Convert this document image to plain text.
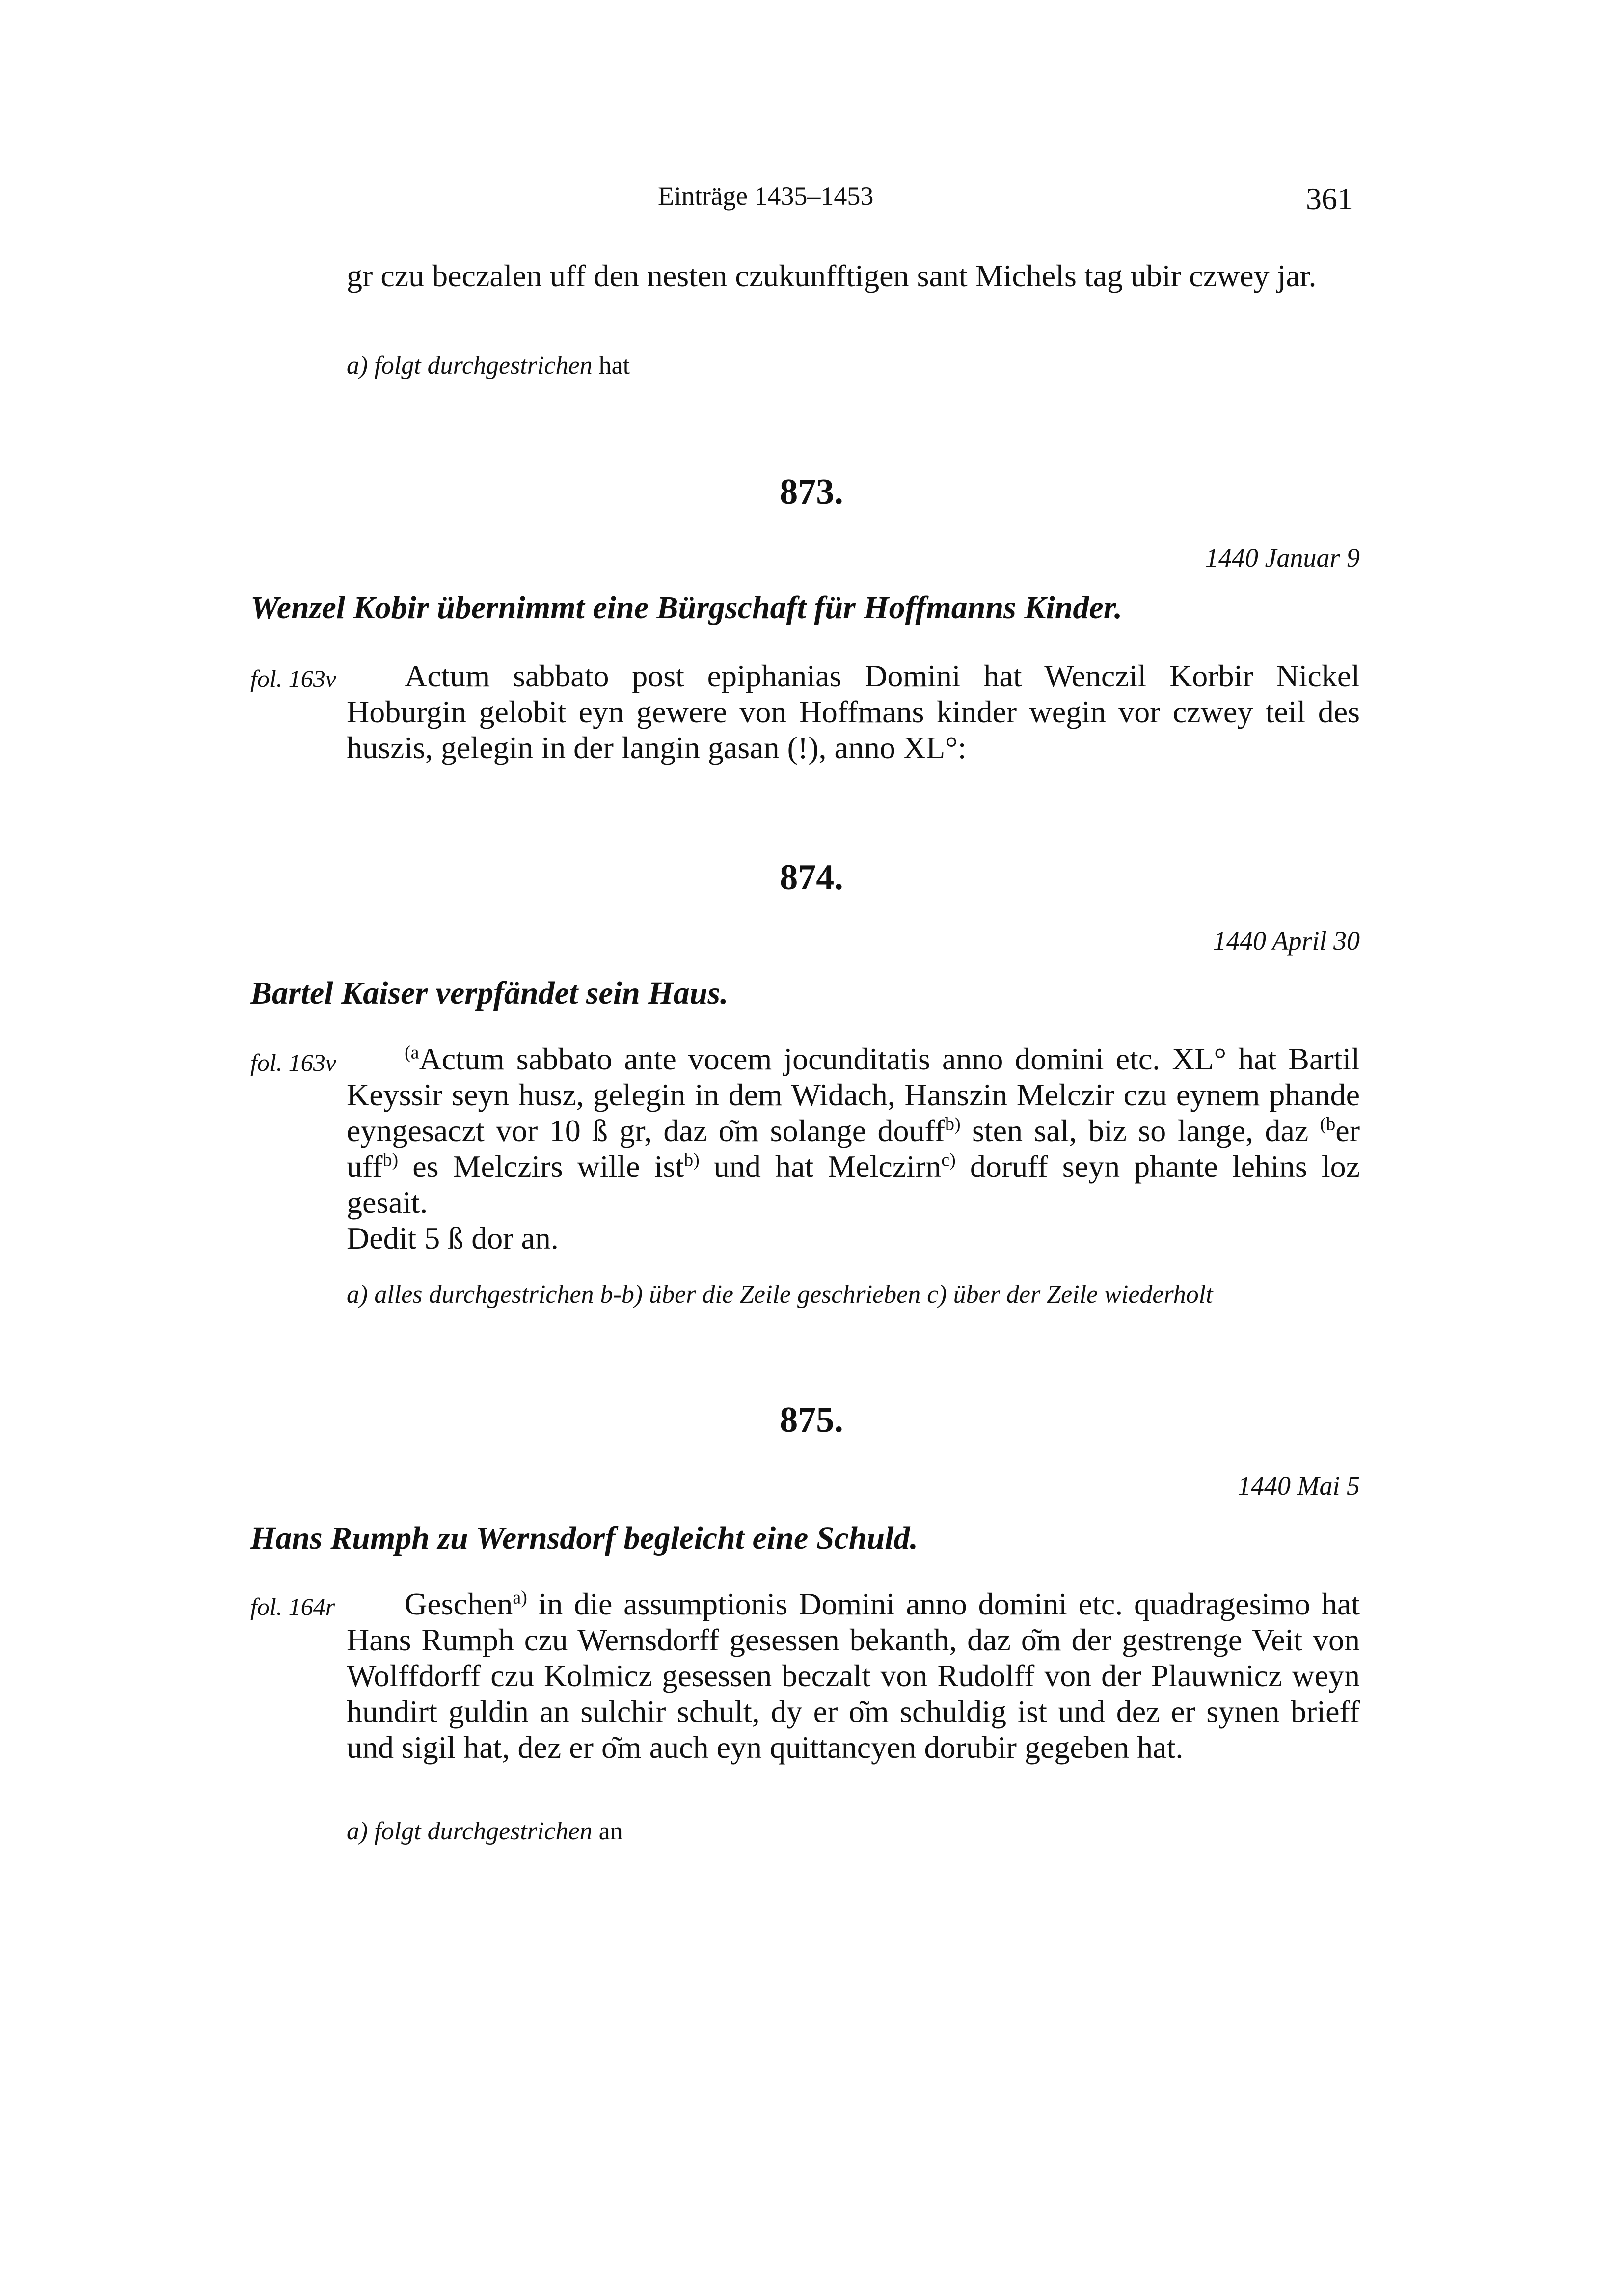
Einträge 1435–1453	361
gr czu beczalen uff den nesten czukunfftigen sant Michels tag ubir czwey jar.
a) folgt durchgestrichen hat
873.
1440 Januar 9
Wenzel Kobir übernimmt eine Bürgschaft für Hoffmanns Kinder.
fol. 163v	Actum sabbato post epiphanias Domini hat Wenczil Korbir Nickel Hoburgin gelobit eyn gewere von Hoffmans kinder wegin vor czwey teil des huszis, gelegin in der langin gasan (!), anno XL°:
874.
1440 April 30
Bartel Kaiser verpfändet sein Haus.
fol. 163v	$^{(a}$Actum sabbato ante vocem jocunditatis anno domini etc. XL° hat Bartil Keyssir seyn husz, gelegin in dem Widach, Hanszin Melczir czu eynem phande eyngesaczt vor 10 ß gr, daz o͂m solange douff$^{b)}$ sten sal, biz so lange, daz $^{(b}$er uff$^{b)}$ es Melczirs wille ist$^{b)}$ und hat Melczirn$^{c)}$ doruff seyn phante lehins loz gesait.
Dedit 5 ß dor an.
a) alles durchgestrichen b-b) über die Zeile geschrieben c) über der Zeile wiederholt
875.
1440 Mai 5
Hans Rumph zu Wernsdorf begleicht eine Schuld.
fol. 164r	Geschen$^{a)}$ in die assumptionis Domini anno domini etc. quadragesimo hat Hans Rumph czu Wernsdorff gesessen bekanth, daz o͂m der gestrenge Veit von Wolffdorff czu Kolmicz gesessen beczalt von Rudolff von der Plauwnicz weyn hundirt guldin an sulchir schult, dy er o͂m schuldig ist und dez er synen brieff und sigil hat, dez er o͂m auch eyn quittancyen dorubir gegeben hat.
a) folgt durchgestrichen an
